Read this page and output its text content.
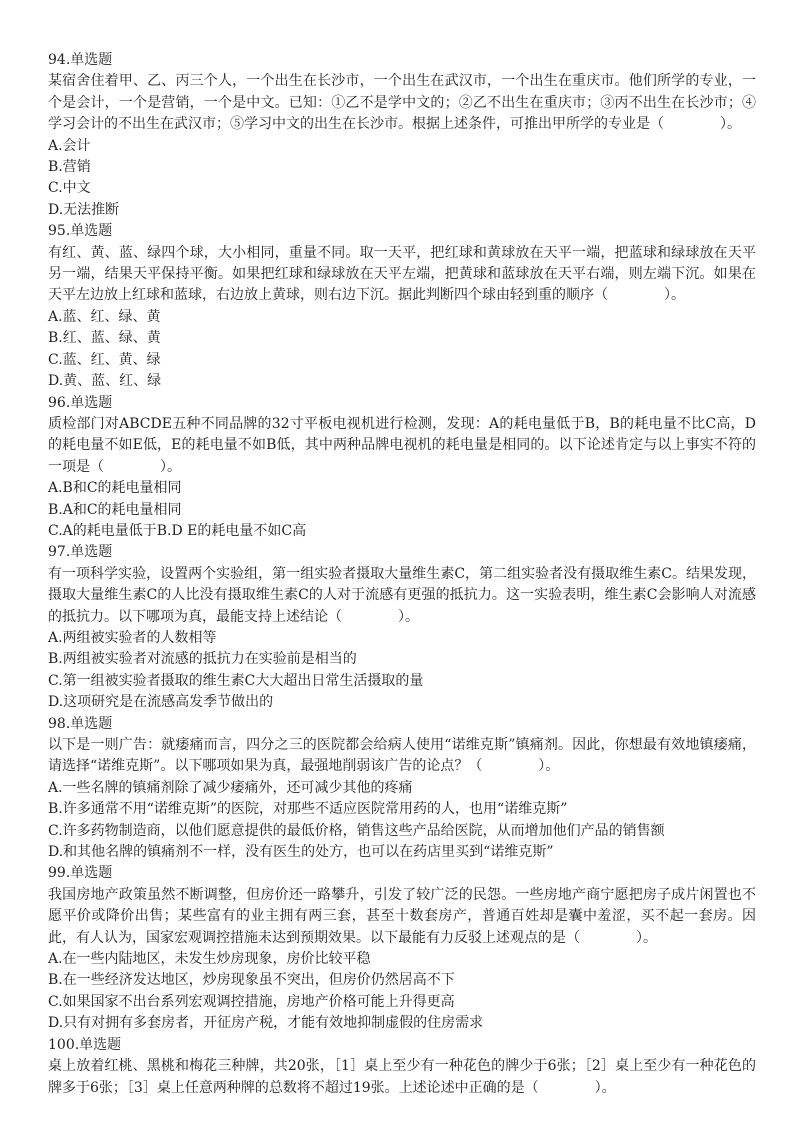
94.单选题
某宿舍住着甲、乙、丙三个人，一个出生在长沙市，一个出生在武汉市，一个出生在重庆市。他们所学的专业，一个是会计，一个是营销，一个是中文。已知：①乙不是学中文的；②乙不出生在重庆市；③丙不出生在长沙市；④学习会计的不出生在武汉市；⑤学习中文的出生在长沙市。根据上述条件，可推出甲所学的专业是（　　　　）。
A.会计
B.营销
C.中文
D.无法推断
95.单选题
有红、黄、蓝、绿四个球，大小相同，重量不同。取一天平，把红球和黄球放在天平一端，把蓝球和绿球放在天平另一端，结果天平保持平衡。如果把红球和绿球放在天平左端，把黄球和蓝球放在天平右端，则左端下沉。如果在天平左边放上红球和蓝球，右边放上黄球，则右边下沉。据此判断四个球由轻到重的顺序（　　　　）。
A.蓝、红、绿、黄
B.红、蓝、绿、黄
C.蓝、红、黄、绿
D.黄、蓝、红、绿
96.单选题
质检部门对ABCDE五种不同品牌的32寸平板电视机进行检测，发现：A的耗电量低于B，B的耗电量不比C高，D的耗电量不如E低，E的耗电量不如B低，其中两种品牌电视机的耗电量是相同的。以下论述肯定与以上事实不符的一项是（　　　　）。
A.B和C的耗电量相同
B.A和C的耗电量相同
C.A的耗电量低于B.D E的耗电量不如C高
97.单选题
有一项科学实验，设置两个实验组，第一组实验者摄取大量维生素C，第二组实验者没有摄取维生素C。结果发现，摄取大量维生素C的人比没有摄取维生素C的人对于流感有更强的抵抗力。这一实验表明，维生素C会影响人对流感的抵抗力。以下哪项为真，最能支持上述结论（　　　　）。
A.两组被实验者的人数相等
B.两组被实验者对流感的抵抗力在实验前是相当的
C.第一组被实验者摄取的维生素C大大超出日常生活摄取的量
D.这项研究是在流感高发季节做出的
98.单选题
以下是一则广告：就痿痛而言，四分之三的医院都会给病人使用“诺维克斯”镇痛剂。因此，你想最有效地镇痿痛，请选择“诺维克斯”。以下哪项如果为真，最强地削弱该广告的论点？（　　　　）。
A.一些名牌的镇痛剂除了减少痿痛外，还可减少其他的疼痛
B.许多通常不用“诺维克斯”的医院，对那些不适应医院常用药的人，也用“诺维克斯”
C.许多药物制造商，以他们愿意提供的最低价格，销售这些产品给医院，从而增加他们产品的销售额
D.和其他名牌的镇痛剂不一样，没有医生的处方，也可以在药店里买到“诺维克斯”
99.单选题
我国房地产政策虽然不断调整，但房价还一路攀升，引发了较广泛的民怨。一些房地产商宁愿把房子成片闲置也不愿平价或降价出售；某些富有的业主拥有两三套，甚至十数套房产，普通百姓却是囊中羞涩，买不起一套房。因此，有人认为，国家宏观调控措施未达到预期效果。以下最能有力反驳上述观点的是（　　　　）。
A.在一些内陆地区，未发生炒房现象，房价比较平稳
B.在一些经济发达地区，炒房现象虽不突出，但房价仍然居高不下
C.如果国家不出台系列宏观调控措施，房地产价格可能上升得更高
D.只有对拥有多套房者，开征房产税，才能有效地抑制虚假的住房需求
100.单选题
桌上放着红桃、黑桃和梅花三种牌，共20张，［1］桌上至少有一种花色的牌少于6张；［2］桌上至少有一种花色的牌多于6张；［3］桌上任意两种牌的总数将不超过19张。上述论述中正确的是（　　　　）。
